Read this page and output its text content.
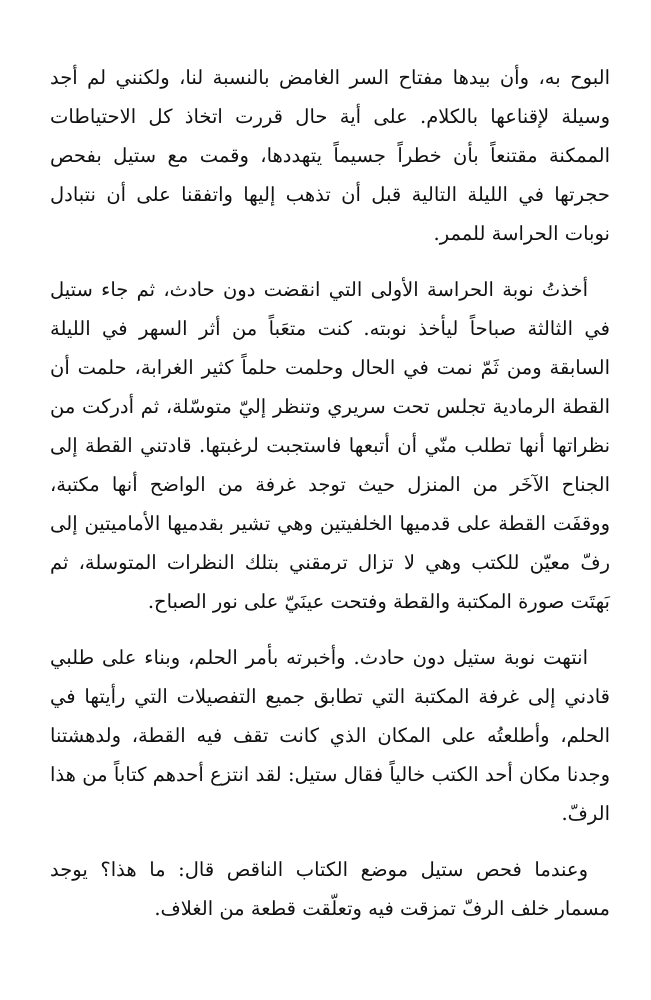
البوح به، وأن بيدها مفتاح السر الغامض بالنسبة لنا، ولكنني لم أجد وسيلة لإقناعها بالكلام. على أية حال قررت اتخاذ كل الاحتياطات الممكنة مقتنعاً بأن خطراً جسيماً يتهددها، وقمت مع ستيل بفحص حجرتها في الليلة التالية قبل أن تذهب إليها واتفقنا على أن نتبادل نوبات الحراسة للممر.

أخذتُ نوبة الحراسة الأولى التي انقضت دون حادث، ثم جاء ستيل في الثالثة صباحاً ليأخذ نوبته. كنت متعَباً من أثر السهر في الليلة السابقة ومن ثَمّ نمت في الحال وحلمت حلماً كثير الغرابة، حلمت أن القطة الرمادية تجلس تحت سريري وتنظر إليّ متوسّلة، ثم أدركت من نظراتها أنها تطلب منّي أن أتبعها فاستجبت لرغبتها. قادتني القطة إلى الجناح الآخَر من المنزل حيث توجد غرفة من الواضح أنها مكتبة، ووقفَت القطة على قدميها الخلفيتين وهي تشير بقدميها الأماميتين إلى رفّ معيّن للكتب وهي لا تزال ترمقني بتلك النظرات المتوسلة، ثم بَهتَت صورة المكتبة والقطة وفتحت عينَيّ على نور الصباح.

انتهت نوبة ستيل دون حادث. وأخبرته بأمر الحلم، وبناء على طلبي قادني إلى غرفة المكتبة التي تطابق جميع التفصيلات التي رأيتها في الحلم، وأطلعتُه على المكان الذي كانت تقف فيه القطة، ولدهشتنا وجدنا مكان أحد الكتب خالياً فقال ستيل: لقد انتزع أحدهم كتاباً من هذا الرفّ.

وعندما فحص ستيل موضع الكتاب الناقص قال: ما هذا؟ يوجد مسمار خلف الرفّ تمزقت فيه وتعلّقت قطعة من الغلاف.
